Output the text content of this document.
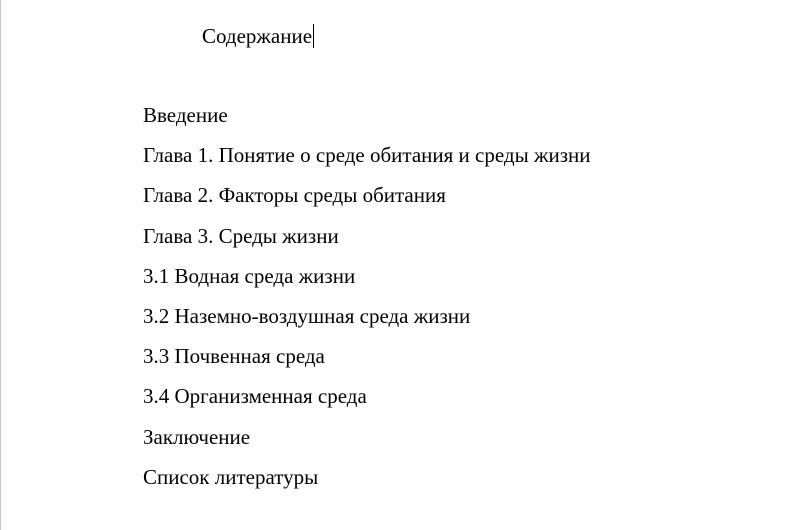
Содержание
Введение
Глава 1. Понятие о среде обитания и среды жизни
Глава 2. Факторы среды обитания
Глава 3. Среды жизни
3.1 Водная среда жизни
3.2 Наземно-воздушная среда жизни
3.3 Почвенная среда
3.4 Организменная среда
Заключение
Список литературы
